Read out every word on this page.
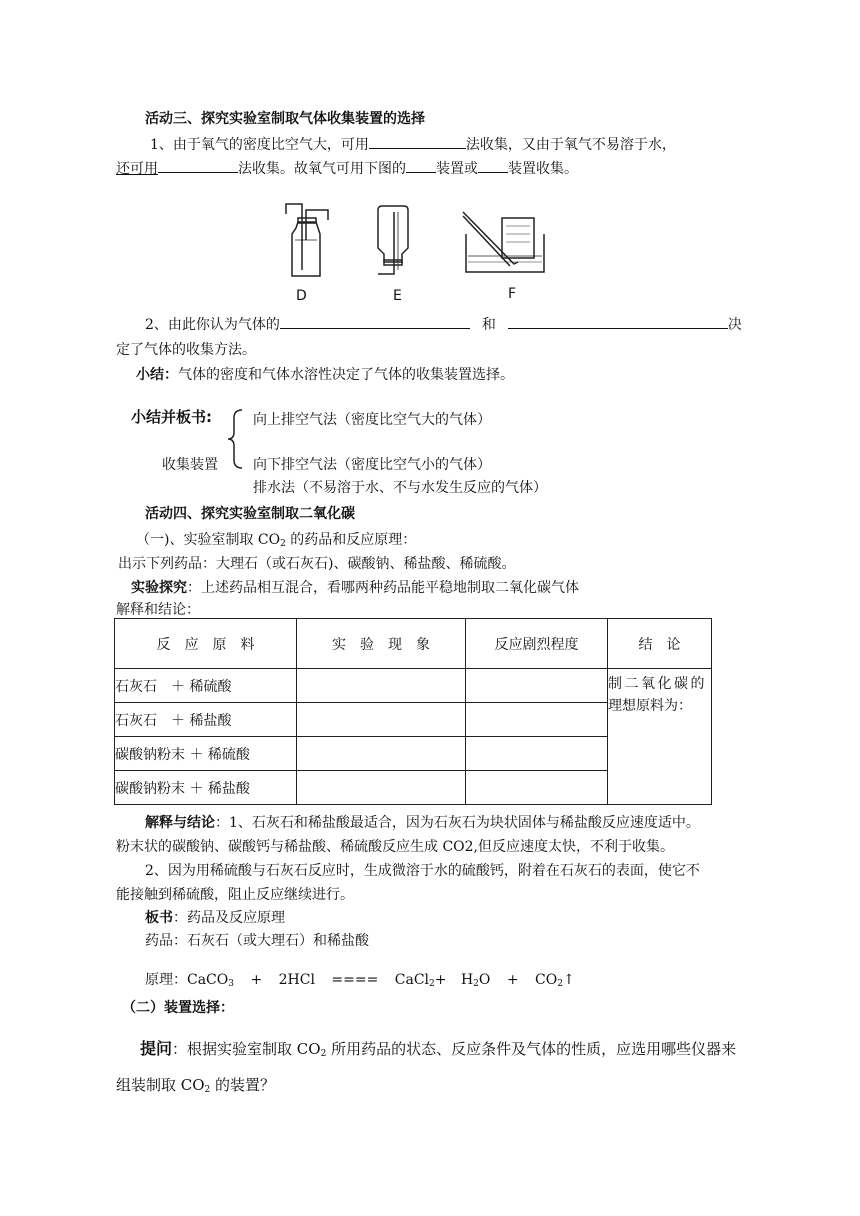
活动三、探究实验室制取气体收集装置的选择
1、由于氧气的密度比空气大，可用	法收集，又由于氧气不易溶于水，
还可用	法收集。故氧气可用下图的 装置或 装置收集。
D	E	F
2、由此你认为气体的	和	决
定了气体的收集方法。
小结：气体的密度和气体水溶性决定了气体的收集装置选择。
小结并板书:	向上排空气法（密度比空气大的气体）
收集装置	向下排空气法（密度比空气小的气体）
排水法（不易溶于水、不与水发生反应的气体）
活动四、探究实验室制取二氧化碳
（一)、实验室制取 $CO_2$ 的药品和反应原理：
出示下列药品：大理石（或石灰石)、碳酸钠、稀盐酸、稀硫酸。
实验探究：上述药品相互混合，看哪两种药品能平稳地制取二氧化碳气体
解释和结论：
反　应　原　料	实　验　现　象	反应剧烈程度	结　论
石灰石　＋ 稀硫酸			制二氧化碳的
理想原料为：

石灰石　＋ 稀盐酸			
碳酸钠粉末 ＋ 稀硫酸			
碳酸钠粉末 ＋ 稀盐酸			
解释与结论：1、石灰石和稀盐酸最适合，因为石灰石为块状固体与稀盐酸反应速度适中。
粉末状的碳酸钠、碳酸钙与稀盐酸、稀硫酸反应生成 CO2,但反应速度太快，不利于收集。
2、因为用稀硫酸与石灰石反应时，生成微溶于水的硫酸钙，附着在石灰石的表面，使它不
能接触到稀硫酸，阻止反应继续进行。
板书：药品及反应原理
药品：石灰石（或大理石）和稀盐酸
原理：CaCO$_3$ + 2HCl ==== CaCl$_2$+ $H_2O$ + $CO_2↑$
（二）装置选择：
提问：根据实验室制取 $CO_2$ 所用药品的状态、反应条件及气体的性质，应选用哪些仪器来
组装制取 $CO_2$ 的装置？
